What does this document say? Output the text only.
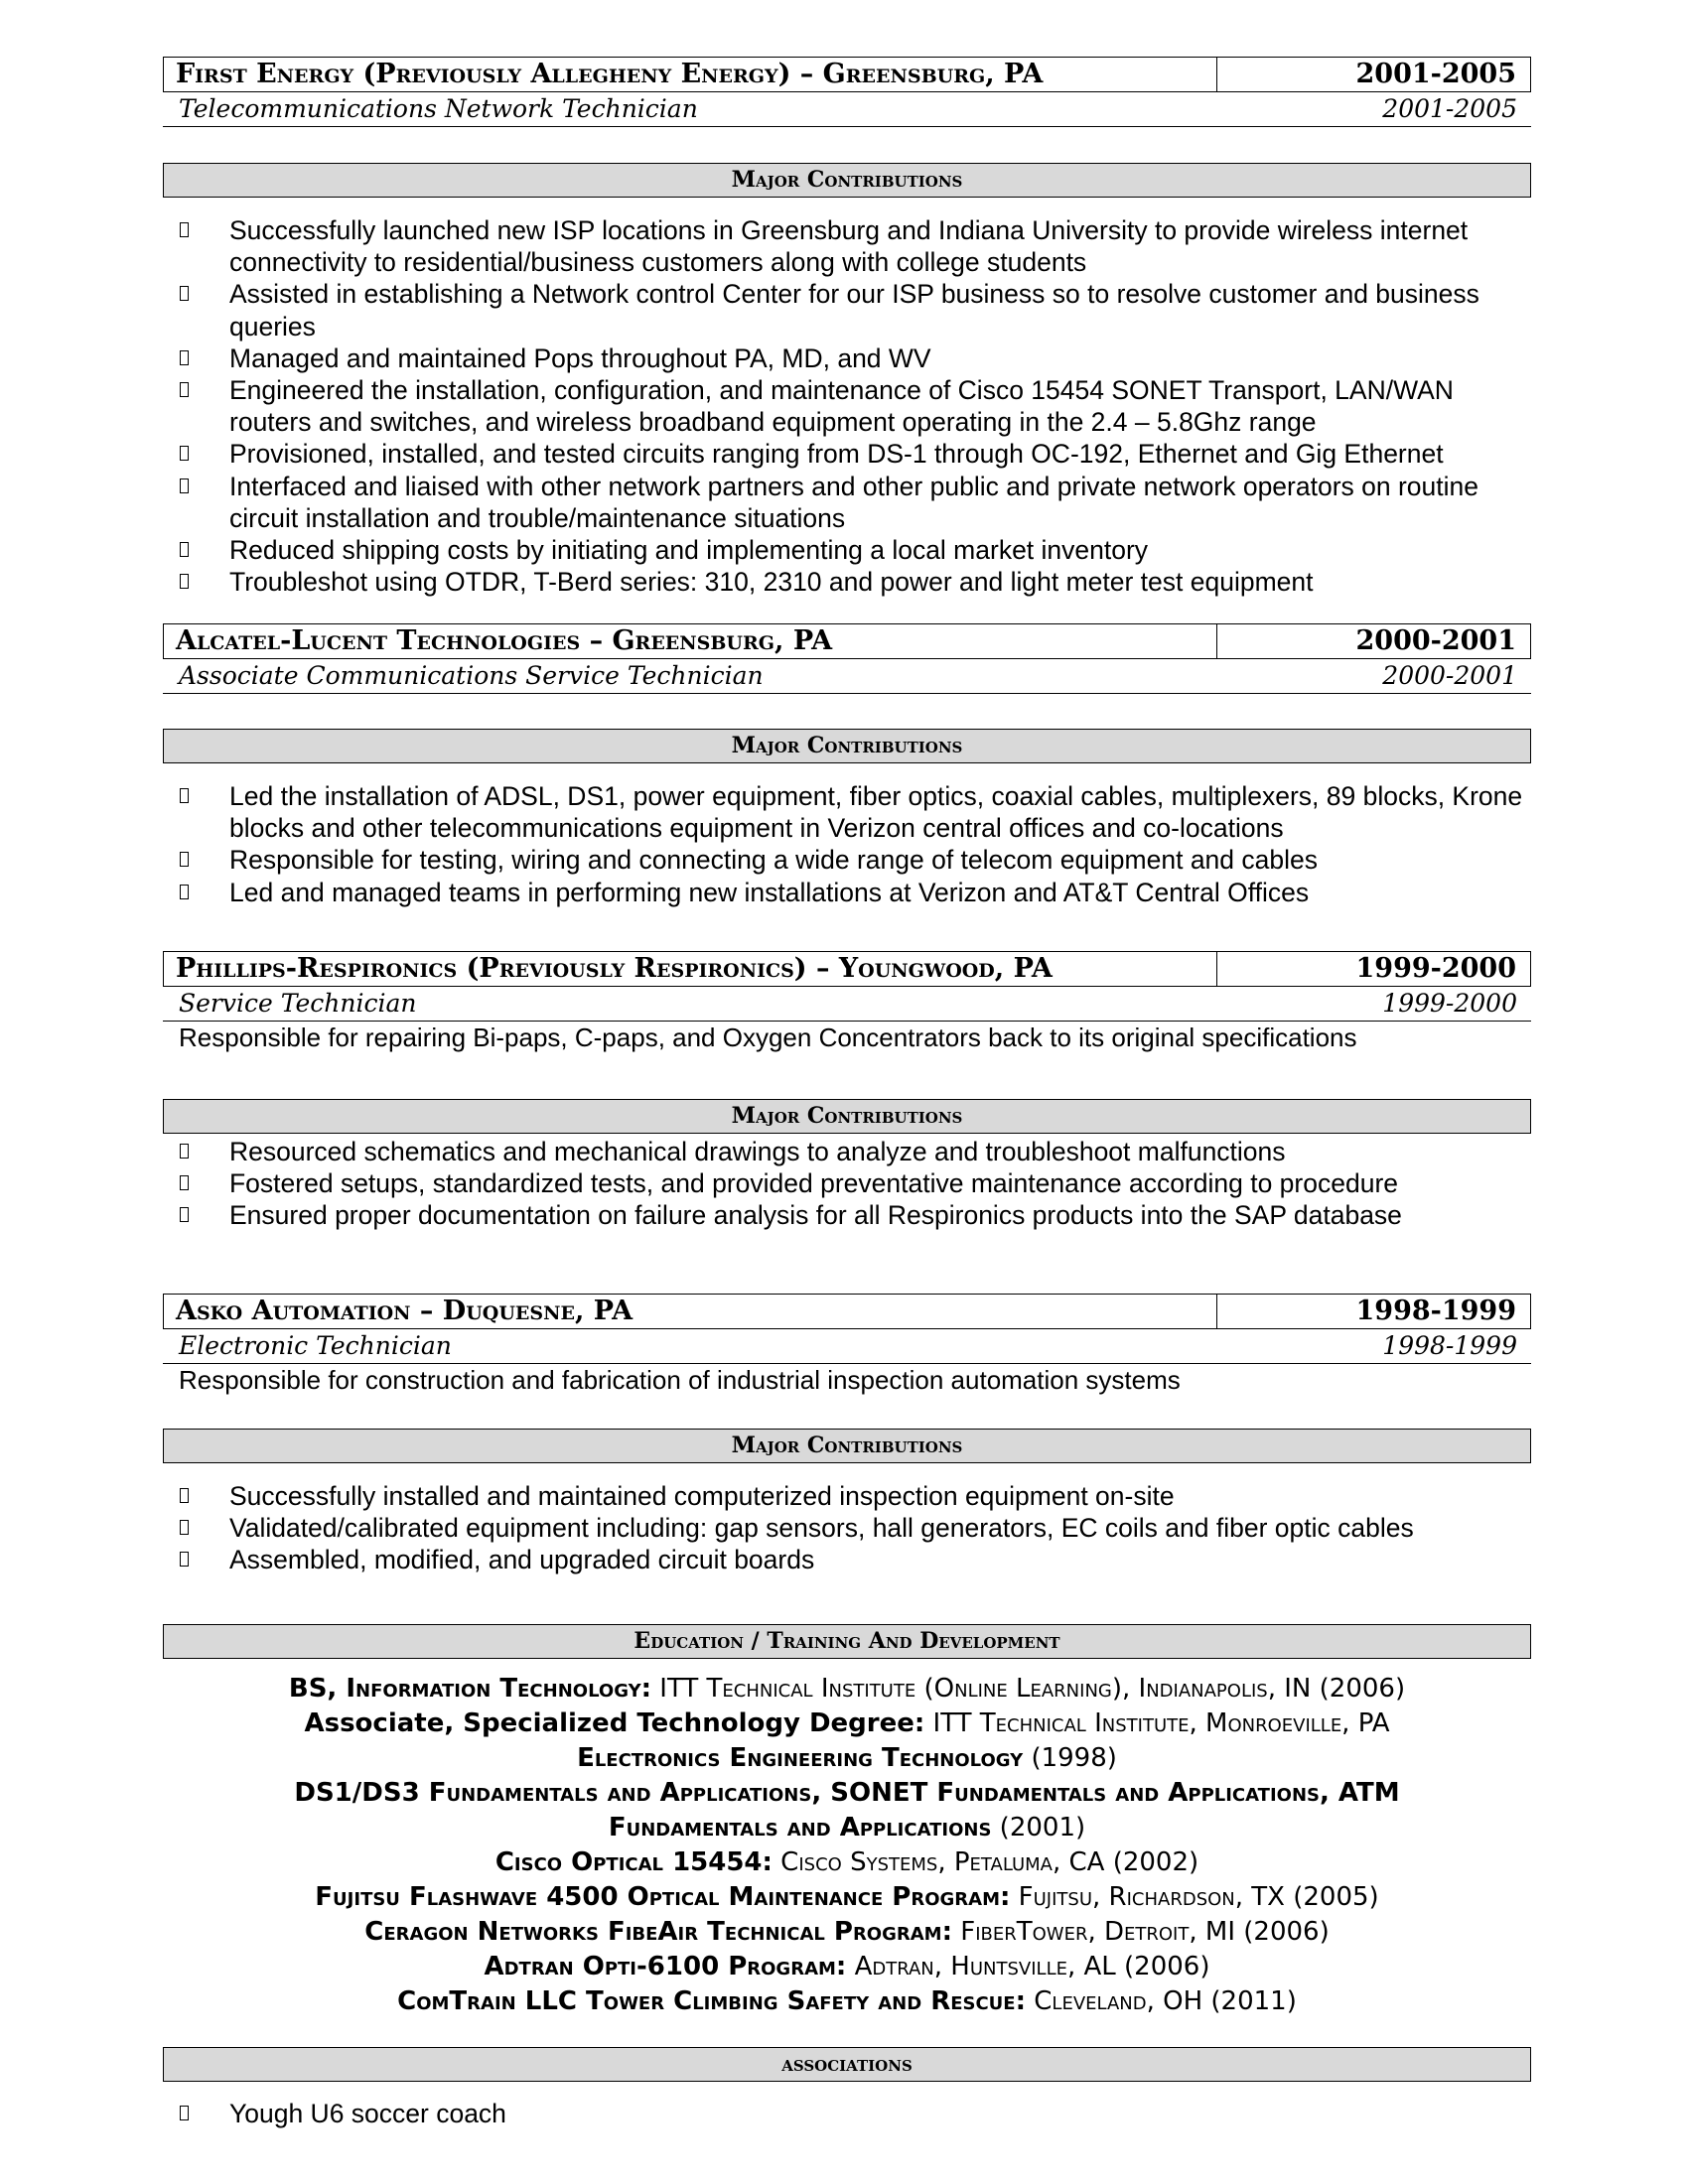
First Energy (Previously Allegheny Energy) – Greensburg, PA	2001-2005
Telecommunications Network Technician	2001-2005
Major Contributions
Successfully launched new ISP locations in Greensburg and Indiana University to provide wireless internet connectivity to residential/business customers along with college students
Assisted in establishing a Network control Center for our ISP business so to resolve customer and business queries
Managed and maintained Pops throughout PA, MD, and WV
Engineered the installation, configuration, and maintenance of Cisco 15454 SONET Transport, LAN/WAN routers and switches, and wireless broadband equipment operating in the 2.4 – 5.8Ghz range
Provisioned, installed, and tested circuits ranging from DS-1 through OC-192, Ethernet and Gig Ethernet
Interfaced and liaised with other network partners and other public and private network operators on routine circuit installation and trouble/maintenance situations
Reduced shipping costs by initiating and implementing a local market inventory
Troubleshot using OTDR, T-Berd series: 310, 2310 and power and light meter test equipment
Alcatel-Lucent Technologies – Greensburg, PA	2000-2001
Associate Communications Service Technician	2000-2001
Major Contributions
Led the installation of ADSL, DS1, power equipment, fiber optics, coaxial cables, multiplexers, 89 blocks, Krone blocks and other telecommunications equipment in Verizon central offices and co-locations
Responsible for testing, wiring and connecting a wide range of telecom equipment and cables
Led and managed teams in performing new installations at Verizon and AT&T Central Offices
Phillips-Respironics (Previously Respironics) – Youngwood, PA	1999-2000
Service Technician	1999-2000
Responsible for repairing Bi-paps, C-paps, and Oxygen Concentrators back to its original specifications
Major Contributions
Resourced schematics and mechanical drawings to analyze and troubleshoot malfunctions
Fostered setups, standardized tests, and provided preventative maintenance according to procedure
Ensured proper documentation on failure analysis for all Respironics products into the SAP database
Asko Automation – Duquesne, PA	1998-1999
Electronic Technician	1998-1999
Responsible for construction and fabrication of industrial inspection automation systems
Major Contributions
Successfully installed and maintained computerized inspection equipment on-site
Validated/calibrated equipment including: gap sensors, hall generators, EC coils and fiber optic cables
Assembled, modified, and upgraded circuit boards
Education / Training And Development
BS, Information Technology: ITT Technical Institute (Online Learning), Indianapolis, IN (2006)
Associate, Specialized Technology Degree: ITT Technical Institute, Monroeville, PA
Electronics Engineering Technology (1998)
DS1/DS3 Fundamentals and Applications, SONET Fundamentals and Applications, ATM
Fundamentals and Applications (2001)
Cisco Optical 15454: Cisco Systems, Petaluma, CA (2002)
Fujitsu Flashwave 4500 Optical Maintenance Program: Fujitsu, Richardson, TX (2005)
Ceragon Networks FibeAir Technical Program: FiberTower, Detroit, MI (2006)
Adtran Opti-6100 Program: Adtran, Huntsville, AL (2006)
ComTrain LLC Tower Climbing Safety and Rescue: Cleveland, OH (2011)
associations
Yough U6 soccer coach
